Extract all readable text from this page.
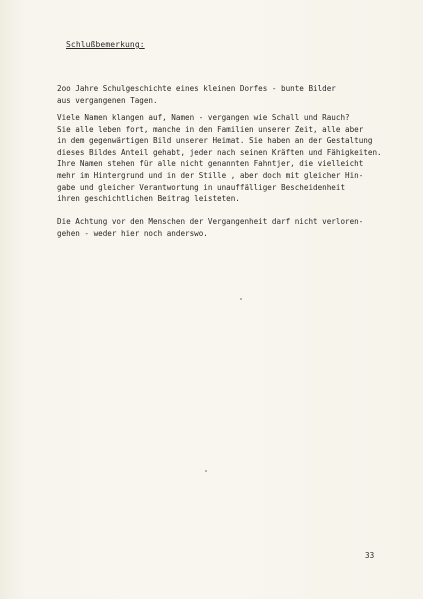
Schlußbemerkung:
2oo Jahre Schulgeschichte eines kleinen Dorfes - bunte Bilder
aus vergangenen Tagen.
Viele Namen klangen auf, Namen - vergangen wie Schall und Rauch?
Sie alle leben fort, manche in den Familien unserer Zeit, alle aber
in dem gegenwärtigen Bild unserer Heimat. Sie haben an der Gestaltung
dieses Bildes Anteil gehabt, jeder nach seinen Kräften und Fähigkeiten.
Ihre Namen stehen für alle nicht genannten Fahntjer, die vielleicht
mehr im Hintergrund und in der Stille , aber doch mit gleicher Hin-
gabe und gleicher Verantwortung in unauffälliger Bescheidenheit
ihren geschichtlichen Beitrag leisteten.
Die Achtung vor den Menschen der Vergangenheit darf nicht verloren-
gehen - weder hier noch anderswo.
33
